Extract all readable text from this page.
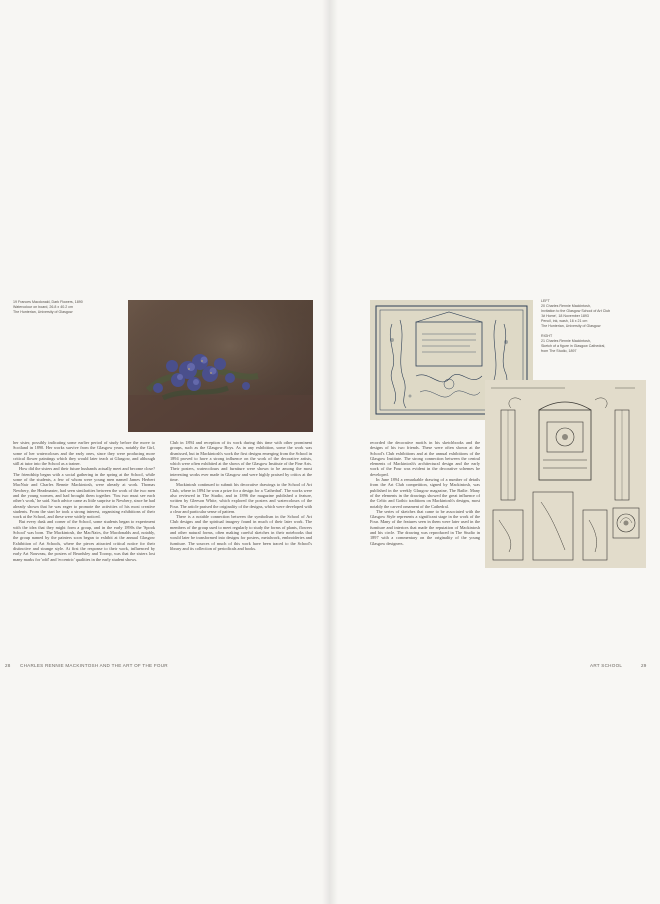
19 Frances Macdonald, Dark Flowers, 1890
Watercolour on board, 26.8 x 40.2 cm
The Hunterian, University of Glasgow

her sister, possibly indicating some earlier period of study before the move to Scotland in 1890. Her works survive from the Glasgow years, notably the Girl, some of her watercolours and the early ones, since they were producing more critical flower paintings which they would later teach at Glasgow, and although still at tutor into the School as a trainer.

How did the sisters and their future husbands actually meet and become close? The friendship began with a social gathering in the spring at the School, while some of the students, a few of whom were young men named James Herbert MacNair and Charles Rennie Mackintosh, were already at work. Thomas Newbery, the Headmaster, had seen similarities between the work of the two men and the young women, and had brought them together. 'You two must see each other's work,' he said. Such advice came as little surprise to Newbery, since he had already shown that he was eager to promote the activities of his most creative students. From the start he took a strong interest, organising exhibitions of their work at the School, and these were widely noticed.

But every dusk and corner of the School, some students began to experiment with the idea that they might form a group, and in the early 1890s the 'Spook School' was born. The Mackintosh, the MacNairs, the Macdonalds and, notably, the group named by the painters soon began to exhibit at the annual Glasgow Exhibition of Art Schools, where the pieces attracted critical notice for their distinctive and strange style. At first the response to their work, influenced by early Art Nouveau, the posters of Beardsley and Toorop, was that the sisters lost many marks for 'odd' and 'eccentric' qualities in the early student shows.

Club in 1894 and reception of its work during this time with other prominent groups, such as the Glasgow Boys. As in any exhibition, some the work was dismissed, but in Mackintosh's work the first designs emerging from the School in 1894 proved to have a strong influence on the work of the decorative artists, which were often exhibited at the shows of the Glasgow Institute of the Fine Arts. Their posters, watercolours and furniture were shown to be among the most interesting works ever made in Glasgow and were highly praised by critics at the time.

Mackintosh continued to submit his decorative drawings to the School of Art Club, where in 1894 he won a prize for a design for a 'Cathedral'. The works were also reviewed in The Studio, and in 1896 the magazine published a feature, written by Gleeson White, which explored the posters and watercolours of the Four. The article praised the originality of the designs, which were developed with a clear and particular sense of pattern.

There is a notable connection between the symbolism in the School of Art Club designs and the spiritual imagery found in much of their later work. The members of the group used to meet regularly to study the forms of plants, flowers and other natural forms, often making careful sketches in their notebooks that would later be transformed into designs for posters, metalwork, embroideries and furniture. The sources of much of this work have been traced to the School's library and its collection of periodicals and books.

28 CHARLES RENNIE MACKINTOSH AND THE ART OF THE FOUR
LEFT
20 Charles Rennie Mackintosh,
Invitation to the Glasgow School of Art Club
'At Home', 18 November 1893
Pencil, ink, wash, 16 x 21 cm
The Hunterian, University of Glasgow

RIGHT
21 Charles Rennie Mackintosh,
Sketch of a figure in Glasgow Cathedral,
from The Studio, 1897

recorded the decorative motifs in his sketchbooks and the designs of his two friends. These were often shown at the School's Club exhibitions and at the annual exhibitions of the Glasgow Institute. The strong connection between the central elements of Mackintosh's architectural design and the early work of the Four was evident in the decorative schemes he developed.

In June 1894 a remarkable drawing of a number of details from the Art Club competition, signed by Mackintosh, was published in the weekly Glasgow magazine, The Bailie. Many of the elements in the drawings showed the great influence of the Celtic and Gothic traditions on Mackintosh's designs, most notably the carved ornament of the Cathedral.

The series of sketches that came to be associated with the Glasgow Style represents a significant stage in the work of the Four. Many of the features seen in them were later used in the furniture and interiors that made the reputation of Mackintosh and his circle. The drawing was reproduced in The Studio in 1897 with a commentary on the originality of the young Glasgow designers.

ART SCHOOL	29
